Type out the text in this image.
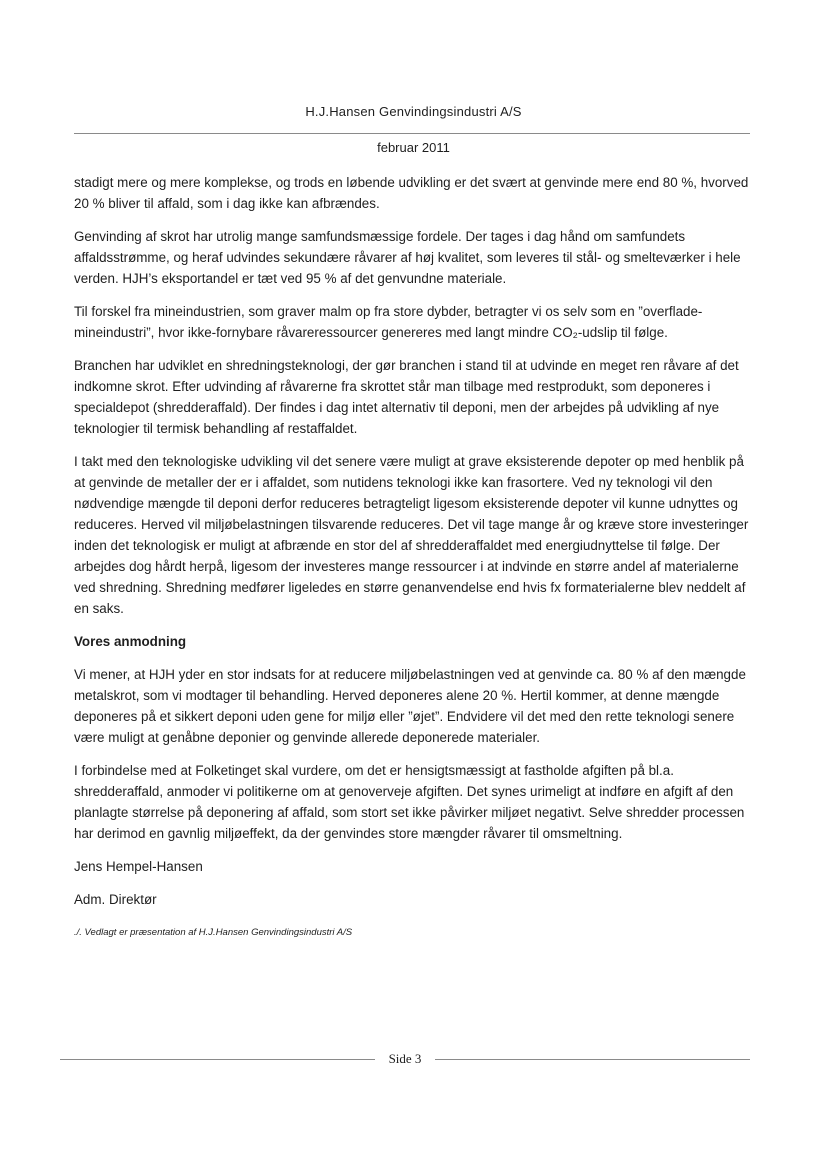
H.J.Hansen Genvindingsindustri A/S
februar 2011

stadigt mere og mere komplekse, og trods en løbende udvikling er det svært at genvinde mere end 80 %, hvorved 20 % bliver til affald, som i dag ikke kan afbrændes.

Genvinding af skrot har utrolig mange samfundsmæssige fordele. Der tages i dag hånd om samfundets affaldsstrømme, og heraf udvindes sekundære råvarer af høj kvalitet, som leveres til stål- og smelteværker i hele verden. HJH’s eksportandel er tæt ved 95 % af det genvundne materiale.

Til forskel fra mineindustrien, som graver malm op fra store dybder, betragter vi os selv som en ”overflade-mineindustri”, hvor ikke-fornybare råvareressourcer genereres med langt mindre CO₂-udslip til følge.

Branchen har udviklet en shredningsteknologi, der gør branchen i stand til at udvinde en meget ren råvare af det indkomne skrot. Efter udvinding af råvarerne fra skrottet står man tilbage med restprodukt, som deponeres i specialdepot (shredderaffald). Der findes i dag intet alternativ til deponi, men der arbejdes på udvikling af nye teknologier til termisk behandling af restaffaldet.

I takt med den teknologiske udvikling vil det senere være muligt at grave eksisterende depoter op med henblik på at genvinde de metaller der er i affaldet, som nutidens teknologi ikke kan frasortere. Ved ny teknologi vil den nødvendige mængde til deponi derfor reduceres betragteligt ligesom eksisterende depoter vil kunne udnyttes og reduceres. Herved vil miljøbelastningen tilsvarende reduceres. Det vil tage mange år og kræve store investeringer inden det teknologisk er muligt at afbrænde en stor del af shredderaffaldet med energiudnyttelse til følge. Der arbejdes dog hårdt herpå, ligesom der investeres mange ressourcer i at indvinde en større andel af materialerne ved shredning. Shredning medfører ligeledes en større genanvendelse end hvis fx formaterialerne blev neddelt af en saks.

Vores anmodning

Vi mener, at HJH yder en stor indsats for at reducere miljøbelastningen ved at genvinde ca. 80 % af den mængde metalskrot, som vi modtager til behandling. Herved deponeres alene 20 %. Hertil kommer, at denne mængde deponeres på et sikkert deponi uden gene for miljø eller ”øjet”. Endvidere vil det med den rette teknologi senere være muligt at genåbne deponier og genvinde allerede deponerede materialer.

I forbindelse med at Folketinget skal vurdere, om det er hensigtsmæssigt at fastholde afgiften på bl.a. shredderaffald, anmoder vi politikerne om at genoverveje afgiften. Det synes urimeligt at indføre en afgift af den planlagte størrelse på deponering af affald, som stort set ikke påvirker miljøet negativt. Selve shredder processen har derimod en gavnlig miljøeffekt, da der genvindes store mængder råvarer til omsmeltning.

Jens Hempel-Hansen

Adm. Direktør

./. Vedlagt er præsentation af H.J.Hansen Genvindingsindustri A/S

Side 3
